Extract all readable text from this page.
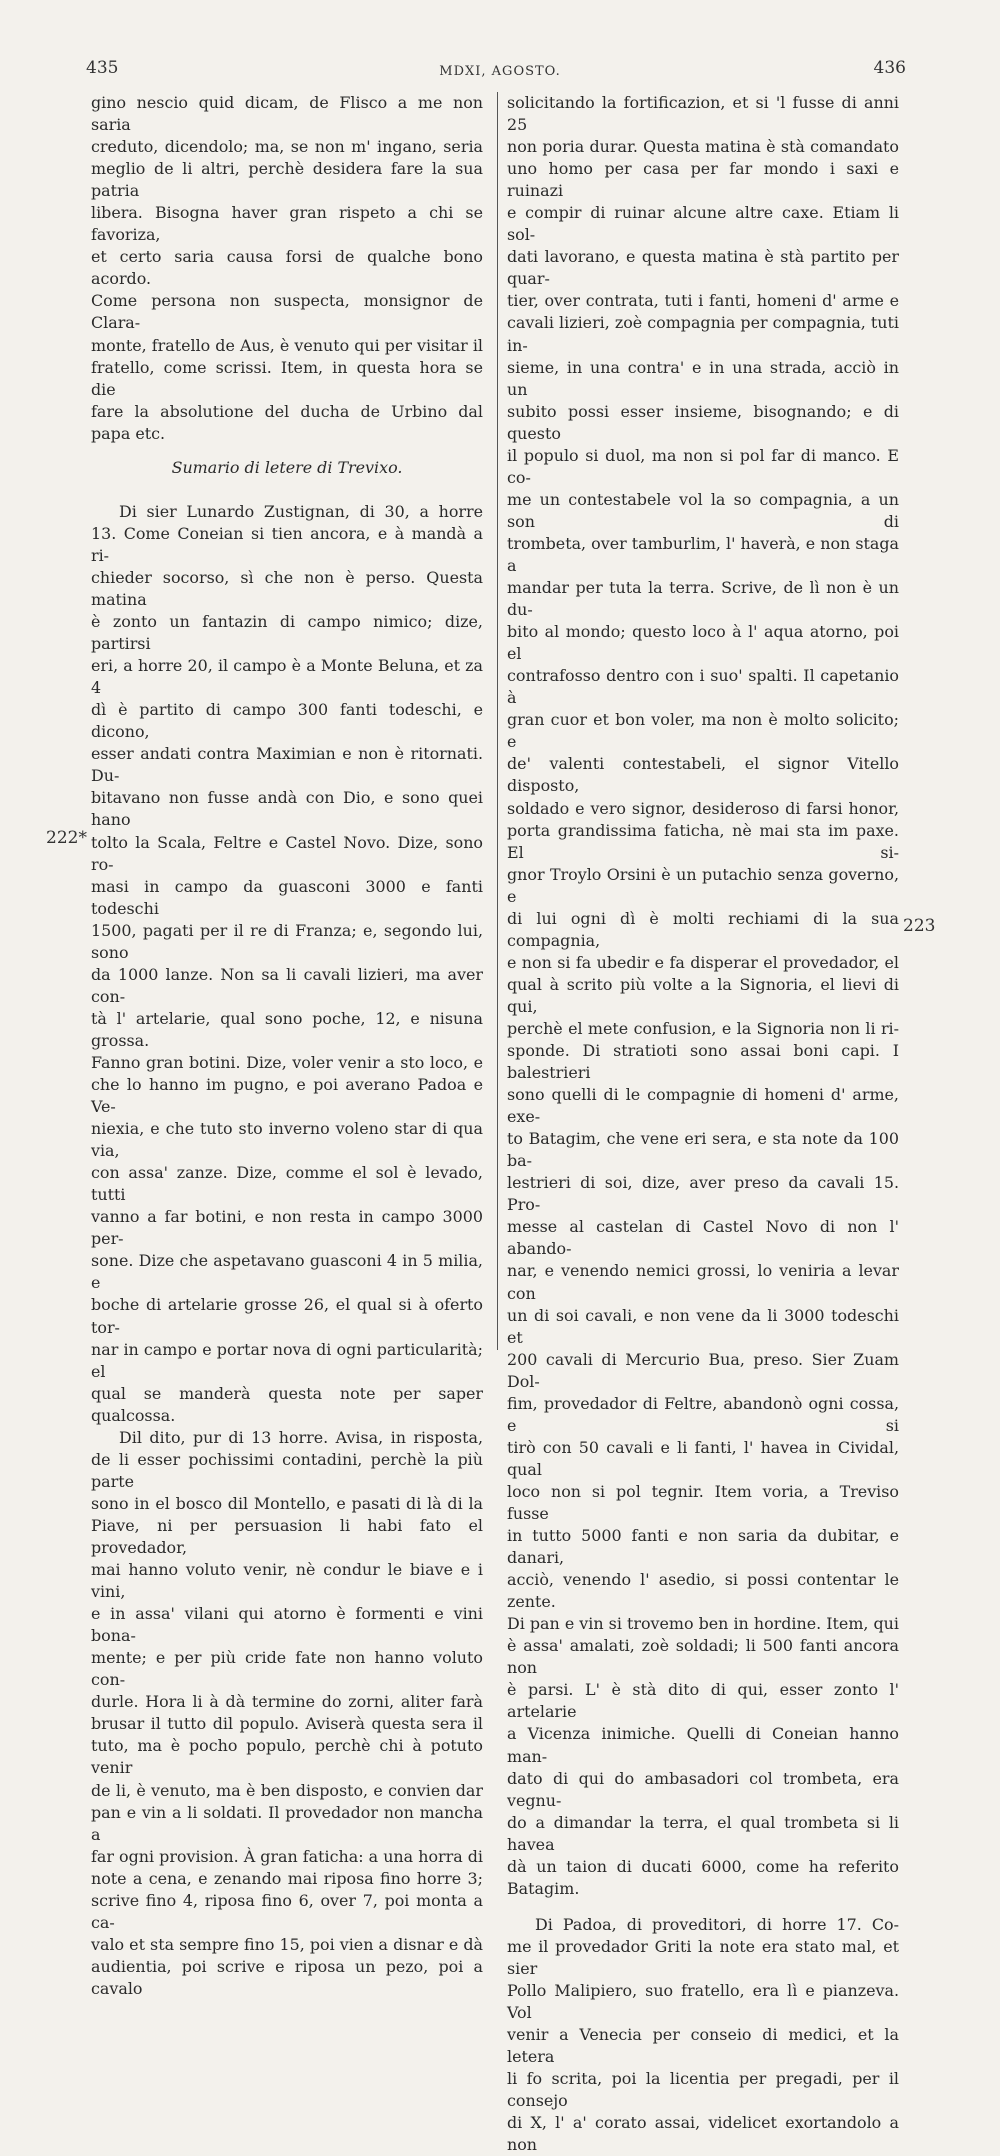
435	MDXI, AGOSTO.	436
gino nescio quid dicam, de Flisco a me non saria
creduto, dicendolo; ma, se non m' ingano, seria
meglio de li altri, perchè desidera fare la sua patria
libera. Bisogna haver gran rispeto a chi se favoriza,
et certo saria causa forsi de qualche bono acordo.
Come persona non suspecta, monsignor de Clara-
monte, fratello de Aus, è venuto qui per visitar il
fratello, come scrissi. Item, in questa hora se die
fare la absolutione del ducha de Urbino dal papa etc.
Sumario di letere di Trevixo.
Di sier Lunardo Zustignan, di 30, a horre
13. Come Coneian si tien ancora, e à mandà a ri-
chieder socorso, sì che non è perso. Questa matina
è zonto un fantazin di campo nimico; dize, partirsi
eri, a horre 20, il campo è a Monte Beluna, et za 4
dì è partito di campo 300 fanti todeschi, e dicono,
esser andati contra Maximian e non è ritornati. Du-
bitavano non fusse andà con Dio, e sono quei hano
tolto la Scala, Feltre e Castel Novo. Dize, sono ro-
masi in campo da guasconi 3000 e fanti todeschi
1500, pagati per il re di Franza; e, segondo lui, sono
da 1000 lanze. Non sa li cavali lizieri, ma aver con-
tà l' artelarie, qual sono poche, 12, e nisuna grossa.
Fanno gran botini. Dize, voler venir a sto loco, e
che lo hanno im pugno, e poi averano Padoa e Ve-
niexia, e che tuto sto inverno voleno star di qua via,
con assa' zanze. Dize, comme el sol è levado, tutti
vanno a far botini, e non resta in campo 3000 per-
sone. Dize che aspetavano guasconi 4 in 5 milia, e
boche di artelarie grosse 26, el qual si à oferto tor-
nar in campo e portar nova di ogni particularità; el
qual se manderà questa note per saper qualcossa.
Dil dito, pur di 13 horre. Avisa, in risposta,
de li esser pochissimi contadini, perchè la più parte
sono in el bosco dil Montello, e pasati di là di la
Piave, ni per persuasion li habi fato el provedador,
mai hanno voluto venir, nè condur le biave e i vini,
e in assa' vilani qui atorno è formenti e vini bona-
mente; e per più cride fate non hanno voluto con-
durle. Hora li à dà termine do zorni, aliter farà
brusar il tutto dil populo. Aviserà questa sera il
tuto, ma è pocho populo, perchè chi à potuto venir
de li, è venuto, ma è ben disposto, e convien dar
pan e vin a li soldati. Il provedador non mancha a
far ogni provision. À gran faticha: a una horra di
note a cena, e zenando mai riposa fino horre 3;
scrive fino 4, riposa fino 6, over 7, poi monta a ca-
valo et sta sempre fino 15, poi vien a disnar e dà
audientia, poi scrive e riposa un pezo, poi a cavalo
solicitando la fortificazion, et si 'l fusse di anni 25
non poria durar. Questa matina è stà comandato
uno homo per casa per far mondo i saxi e ruinazi
e compir di ruinar alcune altre caxe. Etiam li sol-
dati lavorano, e questa matina è stà partito per quar-
tier, over contrata, tuti i fanti, homeni d' arme e
cavali lizieri, zoè compagnia per compagnia, tuti in-
sieme, in una contra' e in una strada, acciò in un
subito possi esser insieme, bisognando; e di questo
il populo si duol, ma non si pol far di manco. E co-
me un contestabele vol la so compagnia, a un son di
trombeta, over tamburlim, l' haverà, e non staga a
mandar per tuta la terra. Scrive, de lì non è un du-
bito al mondo; questo loco à l' aqua atorno, poi el
contrafosso dentro con i suo' spalti. Il capetanio à
gran cuor et bon voler, ma non è molto solicito; e
de' valenti contestabeli, el signor Vitello disposto,
soldado e vero signor, desideroso di farsi honor,
porta grandissima faticha, nè mai sta im paxe. El si-
gnor Troylo Orsini è un putachio senza governo, e
di lui ogni dì è molti rechiami di la sua compagnia,
e non si fa ubedir e fa disperar el provedador, el
qual à scrito più volte a la Signoria, el lievi di qui,
perchè el mete confusion, e la Signoria non li ri-
sponde. Di stratioti sono assai boni capi. I balestrieri
sono quelli di le compagnie di homeni d' arme, exe-
to Batagim, che vene eri sera, e sta note da 100 ba-
lestrieri di soi, dize, aver preso da cavali 15. Pro-
messe al castelan di Castel Novo di non l' abando-
nar, e venendo nemici grossi, lo veniria a levar con
un di soi cavali, e non vene da li 3000 todeschi et
200 cavali di Mercurio Bua, preso. Sier Zuam Dol-
fim, provedador di Feltre, abandonò ogni cossa, e si
tirò con 50 cavali e li fanti, l' havea in Cividal, qual
loco non si pol tegnir. Item voria, a Treviso fusse
in tutto 5000 fanti e non saria da dubitar, e danari,
acciò, venendo l' asedio, si possi contentar le zente.
Di pan e vin si trovemo ben in hordine. Item, qui
è assa' amalati, zoè soldadi; li 500 fanti ancora non
è parsi. L' è stà dito di qui, esser zonto l' artelarie
a Vicenza inimiche. Quelli di Coneian hanno man-
dato di qui do ambasadori col trombeta, era vegnu-
do a dimandar la terra, el qual trombeta si li havea
dà un taion di ducati 6000, come ha referito Batagim.
Di Padoa, di proveditori, di horre 17. Co-
me il provedador Griti la note era stato mal, et sier
Pollo Malipiero, suo fratello, era lì e pianzeva. Vol
venir a Venecia per conseio di medici, et la letera
li fo scrita, poi la licentia per pregadi, per il consejo
di X, l' a' corato assai, videlicet exortandolo a non
222*
223
